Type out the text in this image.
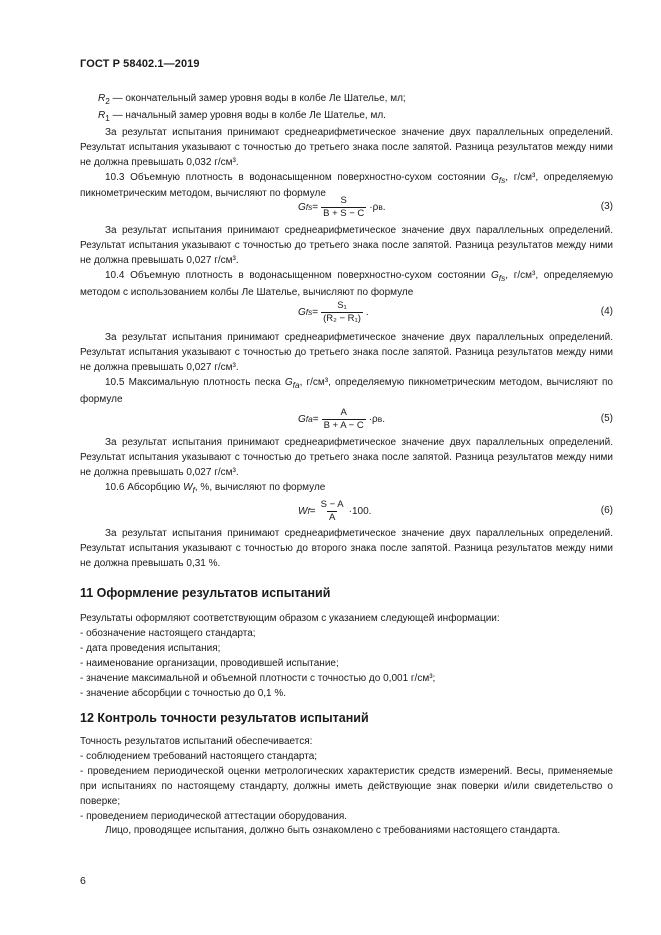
ГОСТ Р 58402.1—2019

$R_2$ — окончательный замер уровня воды в колбе Ле Шателье, мл;

$R_1$ — начальный замер уровня воды в колбе Ле Шателье, мл.

За результат испытания принимают среднеарифметическое значение двух параллельных определений. Результат испытания указывают с точностью до третьего знака после запятой. Разница результатов между ними не должна превышать 0,032 г/см³.

10.3 Объемную плотность в водонасыщенном поверхностно-сухом состоянии $G_{fs}$, г/см³, определяемую пикнометрическим методом, вычисляют по формуле

G fs = $\frac{S}{B + S - C} \cdot\rho$ в .	(3)

За результат испытания принимают среднеарифметическое значение двух параллельных определений. Результат испытания указывают с точностью до третьего знака после запятой. Разница результатов между ними не должна превышать 0,027 г/см³.

10.4 Объемную плотность в водонасыщенном поверхностно-сухом состоянии $G_{fs}$, г/см³, определяемую методом с использованием колбы Ле Шателье, вычисляют по формуле

G fs = $\frac{\text{S₁}}{\text{(R₂ − R₁)}}$ .	(4)

За результат испытания принимают среднеарифметическое значение двух параллельных определений. Результат испытания указывают с точностью до третьего знака после запятой. Разница результатов между ними не должна превышать 0,027 г/см³.

10.5 Максимальную плотность песка $G_{fa}$, г/см³, определяемую пикнометрическим методом, вычисляют по формуле

G fa = $\frac{A}{B + A - C} \cdot\rho$ в .	(5)

За результат испытания принимают среднеарифметическое значение двух параллельных определений. Результат испытания указывают с точностью до третьего знака после запятой. Разница результатов между ними не должна превышать 0,027 г/см³.

10.6 Абсорбцию $W_f$, %, вычисляют по формуле

W $f = \frac{S - A}{A} \cdot 100$.	(6)

За результат испытания принимают среднеарифметическое значение двух параллельных определений. Результат испытания указывают с точностью до второго знака после запятой. Разница результатов между ними не должна превышать 0,31 %.

11 Оформление результатов испытаний

Результаты оформляют соответствующим образом с указанием следующей информации:

- обозначение настоящего стандарта;

- дата проведения испытания;

- наименование организации, проводившей испытание;

- значение максимальной и объемной плотности с точностью до 0,001 г/см³;

- значение абсорбции с точностью до 0,1 %.

12 Контроль точности результатов испытаний

Точность результатов испытаний обеспечивается:

- соблюдением требований настоящего стандарта;

- проведением периодической оценки метрологических характеристик средств измерений. Весы, применяемые при испытаниях по настоящему стандарту, должны иметь действующие знак поверки и/или свидетельство о поверке;

- проведением периодической аттестации оборудования.

Лицо, проводящее испытания, должно быть ознакомлено с требованиями настоящего стандарта.

6
